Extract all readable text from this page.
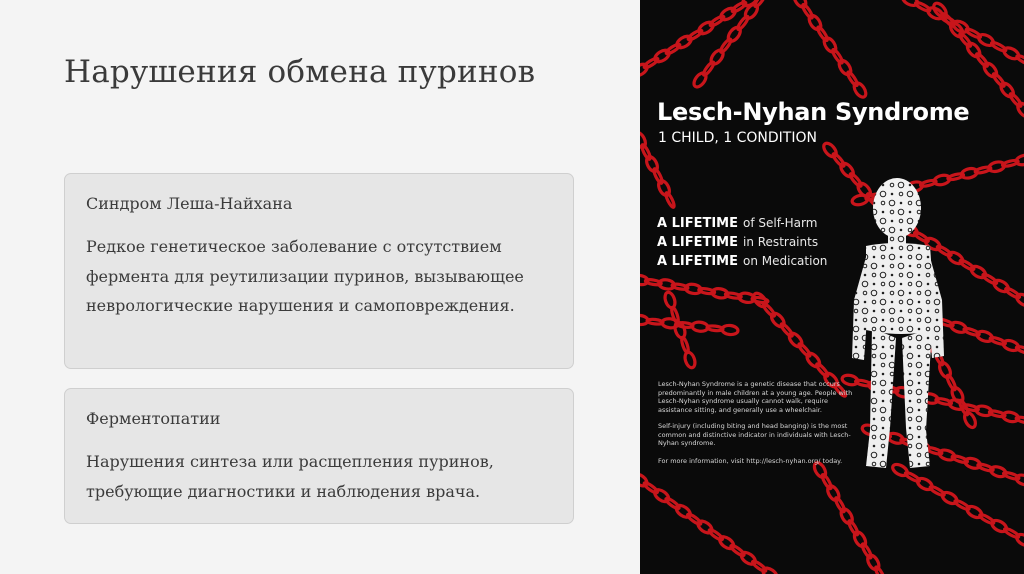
Нарушения обмена пуринов
Синдром Леша-Найхана
Редкое генетическое заболевание с отсутствием фермента для реутилизации пуринов, вызывающее неврологические нарушения и самоповреждения.
Ферментопатии
Нарушения синтеза или расщепления пуринов, требующие диагностики и наблюдения врача.
Lesch-Nyhan Syndrome
1 CHILD, 1 CONDITION
A LIFETIME of Self-Harm
A LIFETIME in Restraints
A LIFETIME on Medication
Lesch-Nyhan Syndrome is a genetic disease that occurs predominantly in male children at a young age. People with Lesch-Nyhan syndrome usually cannot walk, require assistance sitting, and generally use a wheelchair.
Self-injury (including biting and head banging) is the most common and distinctive indicator in individuals with Lesch-Nyhan syndrome.
For more information, visit http://lesch-nyhan.org/ today.
